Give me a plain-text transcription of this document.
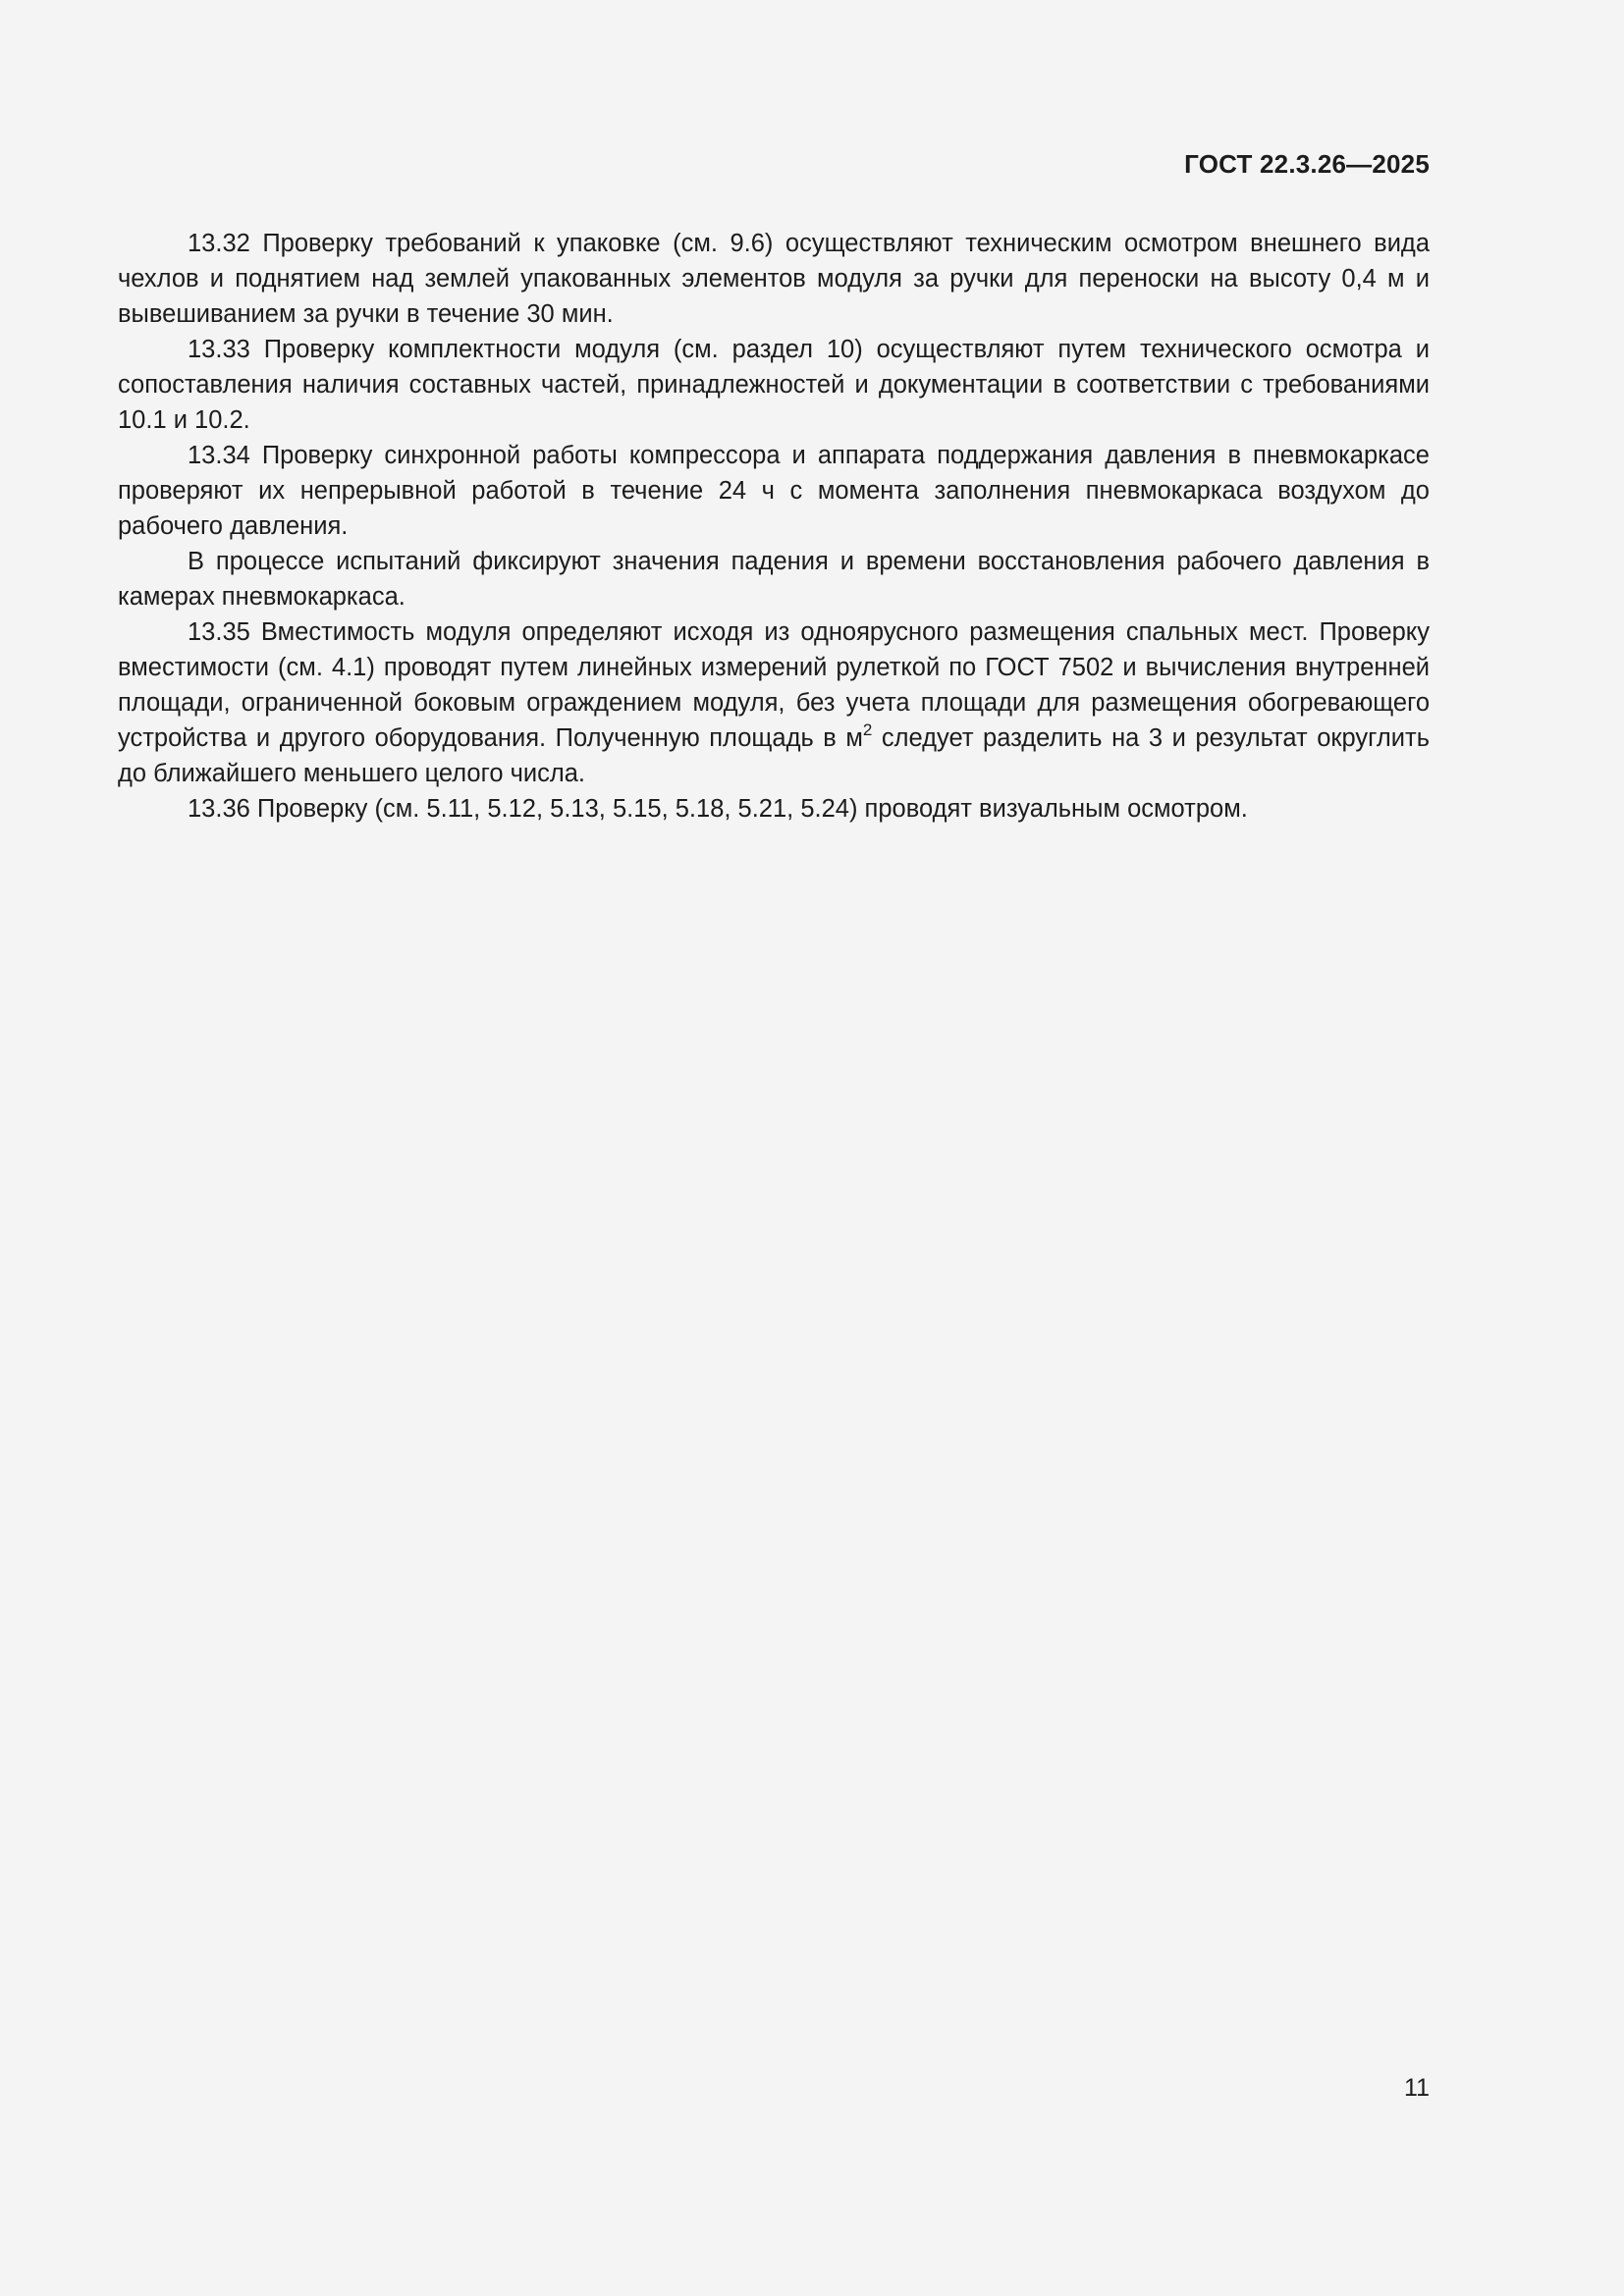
ГОСТ 22.3.26—2025

13.32 Проверку требований к упаковке (см. 9.6) осуществляют техническим осмотром внешнего вида чехлов и поднятием над землей упакованных элементов модуля за ручки для переноски на высоту 0,4 м и вывешиванием за ручки в течение 30 мин.

13.33 Проверку комплектности модуля (см. раздел 10) осуществляют путем технического осмотра и сопоставления наличия составных частей, принадлежностей и документации в соответствии с требованиями 10.1 и 10.2.

13.34 Проверку синхронной работы компрессора и аппарата поддержания давления в пневмокаркасе проверяют их непрерывной работой в течение 24 ч с момента заполнения пневмокаркаса воздухом до рабочего давления.

В процессе испытаний фиксируют значения падения и времени восстановления рабочего давления в камерах пневмокаркаса.

13.35 Вместимость модуля определяют исходя из одноярусного размещения спальных мест. Проверку вместимости (см. 4.1) проводят путем линейных измерений рулеткой по ГОСТ 7502 и вычисления внутренней площади, ограниченной боковым ограждением модуля, без учета площади для размещения обогревающего устройства и другого оборудования. Полученную площадь в $м^2$ следует разделить на 3 и результат округлить до ближайшего меньшего целого числа.

13.36 Проверку (см. 5.11, 5.12, 5.13, 5.15, 5.18, 5.21, 5.24) проводят визуальным осмотром.

11
